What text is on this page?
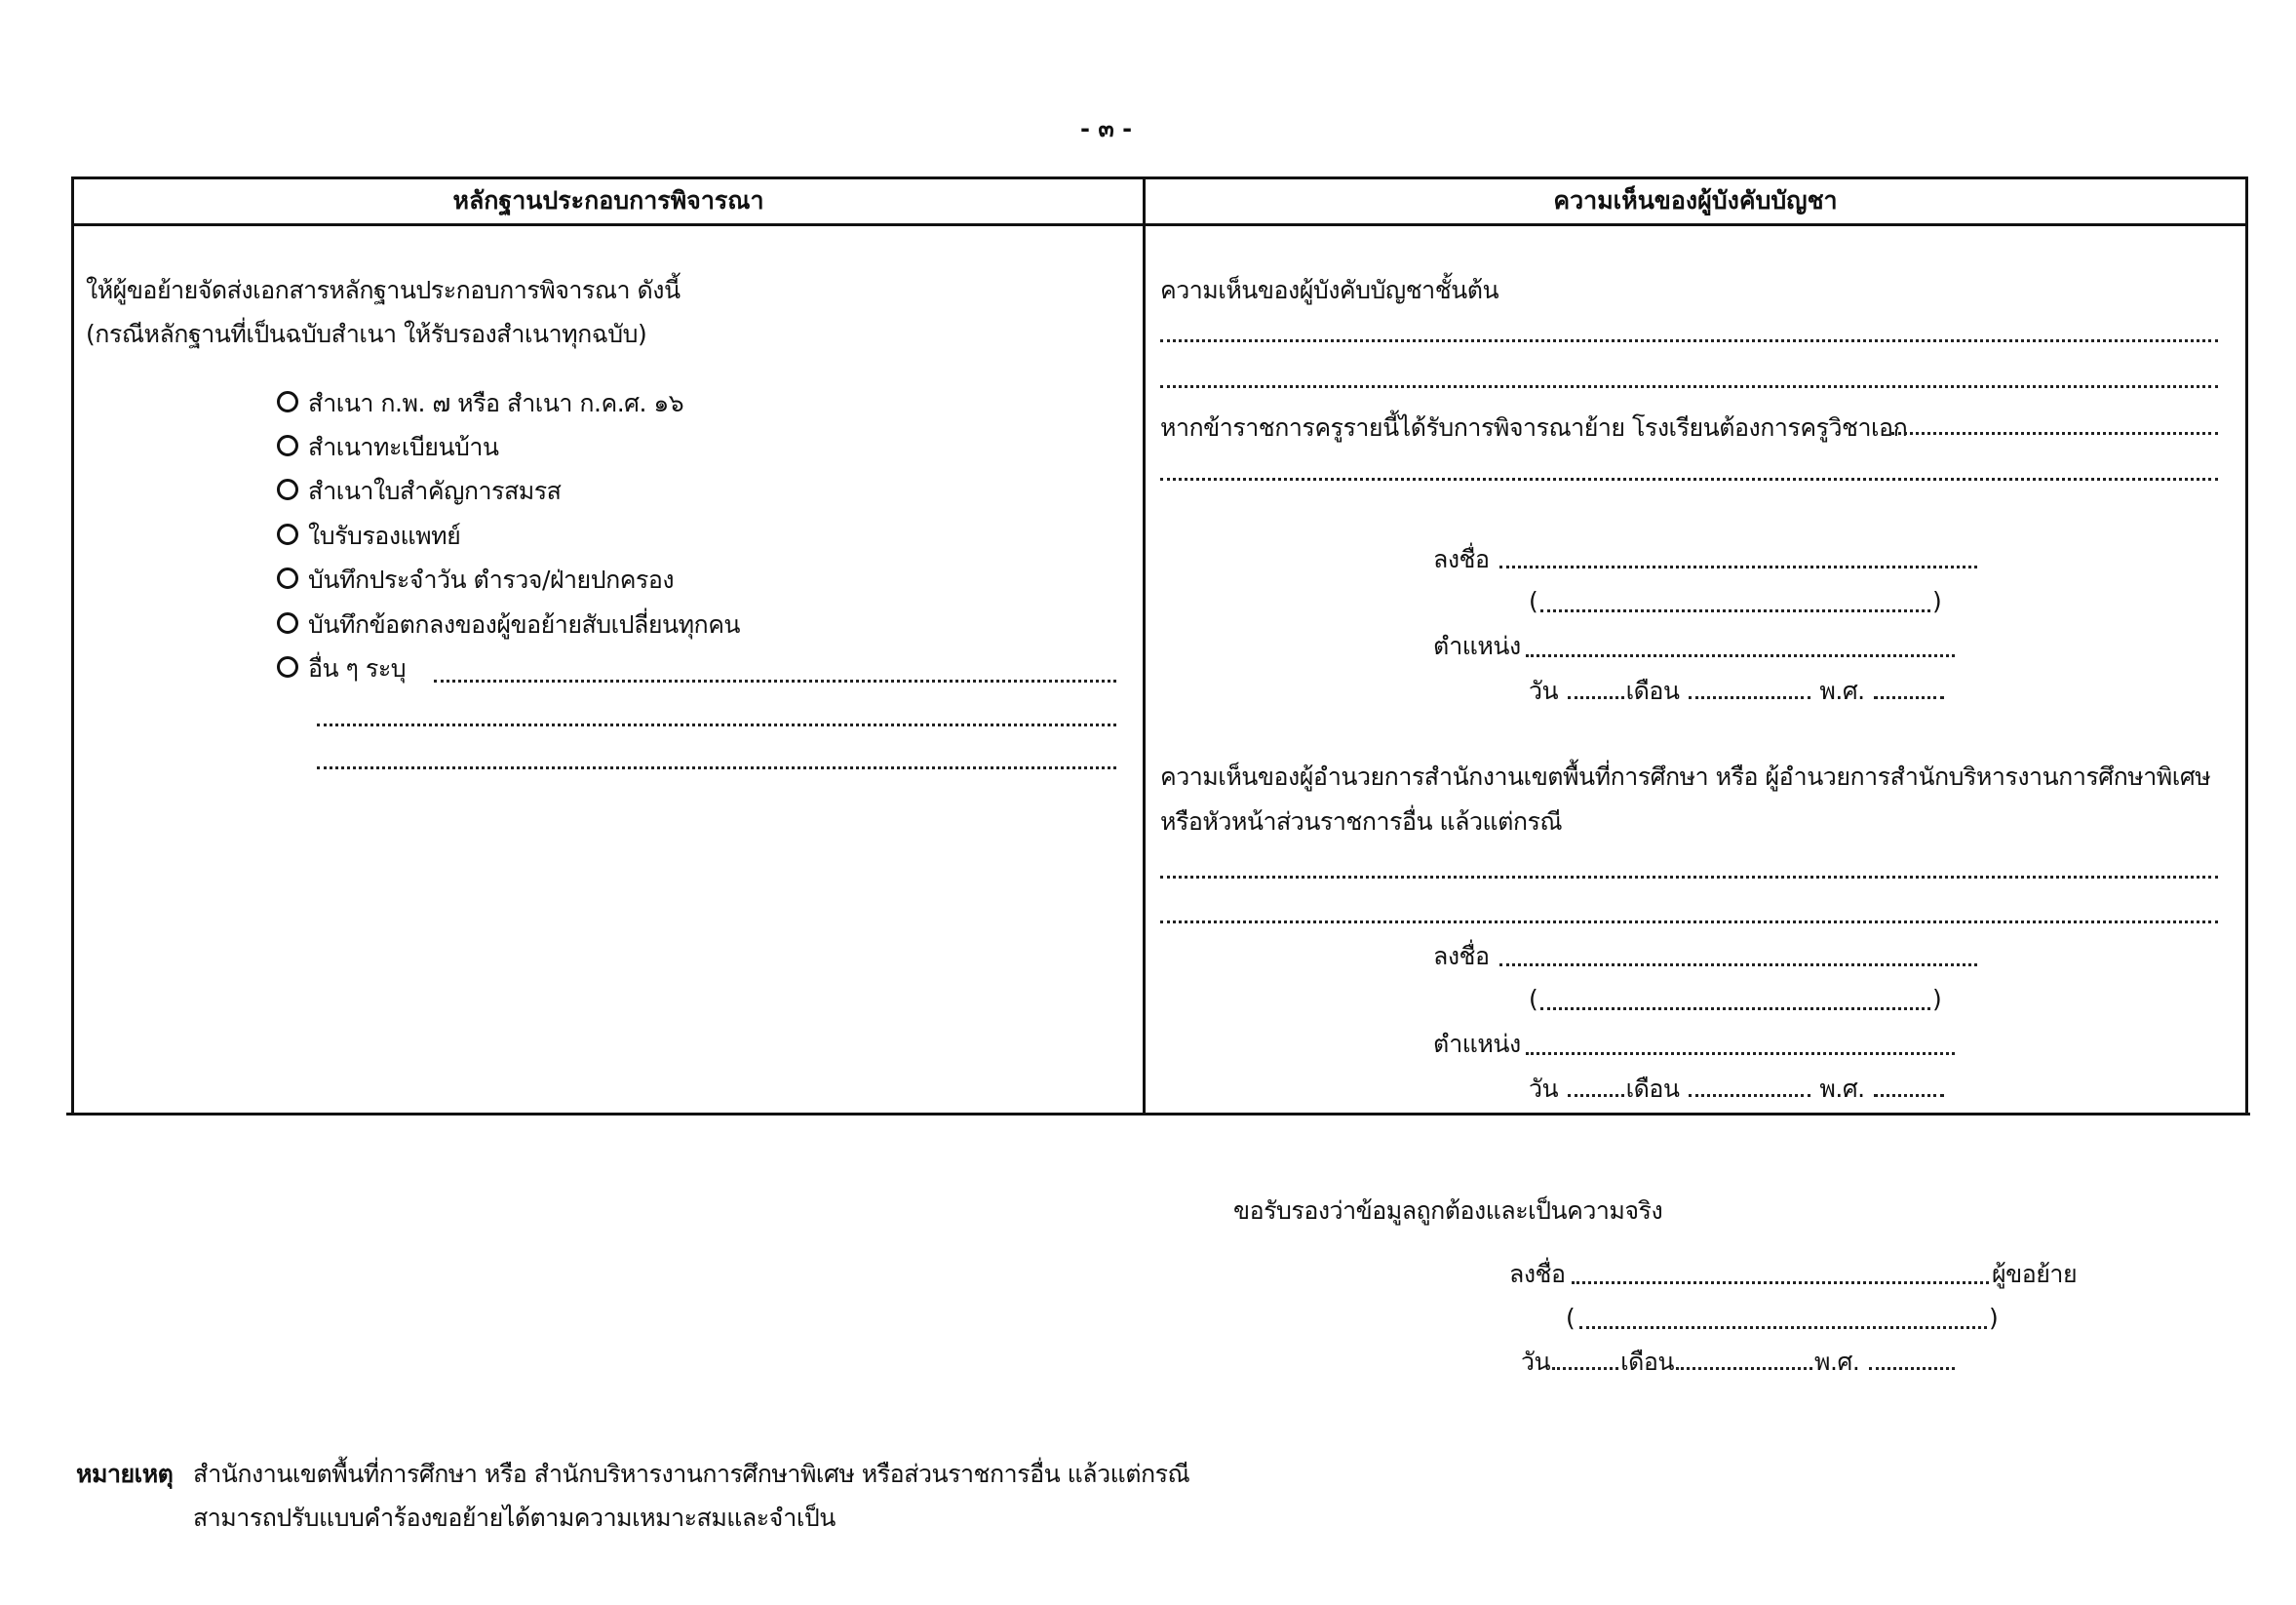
- ๓ -
หลักฐานประกอบการพิจารณา	ความเห็นของผู้บังคับบัญชา
ให้ผู้ขอย้ายจัดส่งเอกสารหลักฐานประกอบการพิจารณา ดังนี้
(กรณีหลักฐานที่เป็นฉบับสำเนา ให้รับรองสำเนาทุกฉบับ)
สำเนา ก.พ. ๗ หรือ สำเนา ก.ค.ศ. ๑๖
สำเนาทะเบียนบ้าน
สำเนาใบสำคัญการสมรส
ใบรับรองแพทย์
บันทึกประจำวัน ตำรวจ/ฝ่ายปกครอง
บันทึกข้อตกลงของผู้ขอย้ายสับเปลี่ยนทุกคน
อื่น ๆ ระบุ
ความเห็นของผู้บังคับบัญชาชั้นต้น
หากข้าราชการครูรายนี้ได้รับการพิจารณาย้าย โรงเรียนต้องการครูวิชาเอก
ลงชื่อ
(	)
ตำแหน่ง
วัน	เดือน	พ.ศ.
ความเห็นของผู้อำนวยการสำนักงานเขตพื้นที่การศึกษา หรือ ผู้อำนวยการสำนักบริหารงานการศึกษาพิเศษ
หรือหัวหน้าส่วนราชการอื่น แล้วแต่กรณี
ลงชื่อ
(	)
ตำแหน่ง
วัน	เดือน	พ.ศ.
ขอรับรองว่าข้อมูลถูกต้องและเป็นความจริง
ลงชื่อ	ผู้ขอย้าย
(	)
วัน	เดือน	พ.ศ.
หมายเหตุ สำนักงานเขตพื้นที่การศึกษา หรือ สำนักบริหารงานการศึกษาพิเศษ หรือส่วนราชการอื่น แล้วแต่กรณี
สามารถปรับแบบคำร้องขอย้ายได้ตามความเหมาะสมและจำเป็น
